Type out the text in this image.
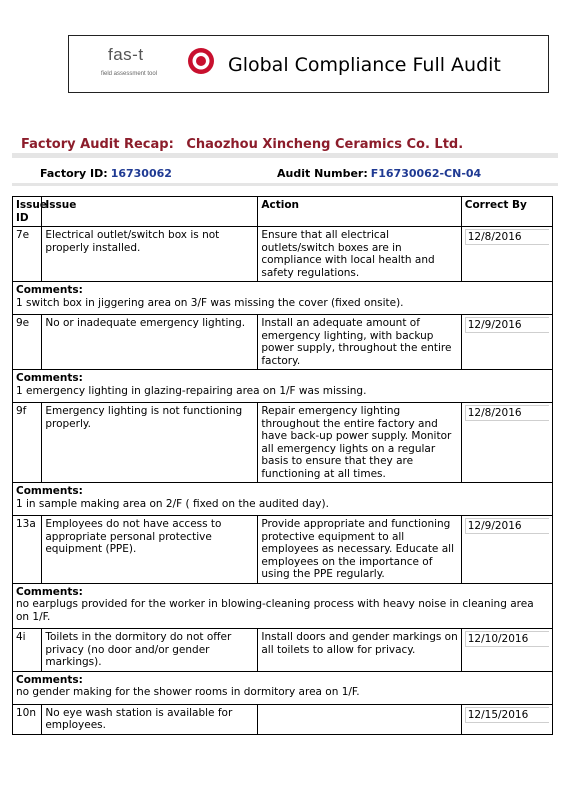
fas-t
field assessment tool	Global Compliance Full Audit
Factory Audit Recap: Chaozhou Xincheng Ceramics Co. Ltd.
Factory ID: 16730062	Audit Number: F16730062-CN-04
Issue ID	Issue	Action	Correct By
7e	Electrical outlet/switch box is not properly installed.	Ensure that all electrical outlets/switch boxes are in compliance with local health and safety regulations.	12/8/2016

Comments:
1 switch box in jiggering area on 3/F was missing the cover (fixed onsite).			

9e	No or inadequate emergency lighting.	Install an adequate amount of emergency lighting, with backup power supply, throughout the entire factory.	12/9/2016

Comments:
1 emergency lighting in glazing-repairing area on 1/F was missing.			

9f	Emergency lighting is not functioning properly.	Repair emergency lighting throughout the entire factory and have back-up power supply. Monitor all emergency lights on a regular basis to ensure that they are functioning at all times.	12/8/2016

Comments:
1 in sample making area on 2/F ( fixed on the audited day).			

13a	Employees do not have access to appropriate personal protective equipment (PPE).	Provide appropriate and functioning protective equipment to all employees as necessary. Educate all employees on the importance of using the PPE regularly.	12/9/2016

Comments:
no earplugs provided for the worker in blowing-cleaning process with heavy noise in cleaning area on 1/F.			

4i	Toilets in the dormitory do not offer privacy (no door and/or gender markings).	Install doors and gender markings on all toilets to allow for privacy.	12/10/2016

Comments:
no gender making for the shower rooms in dormitory area on 1/F.			

10n	No eye wash station is available for employees.		12/15/2016
